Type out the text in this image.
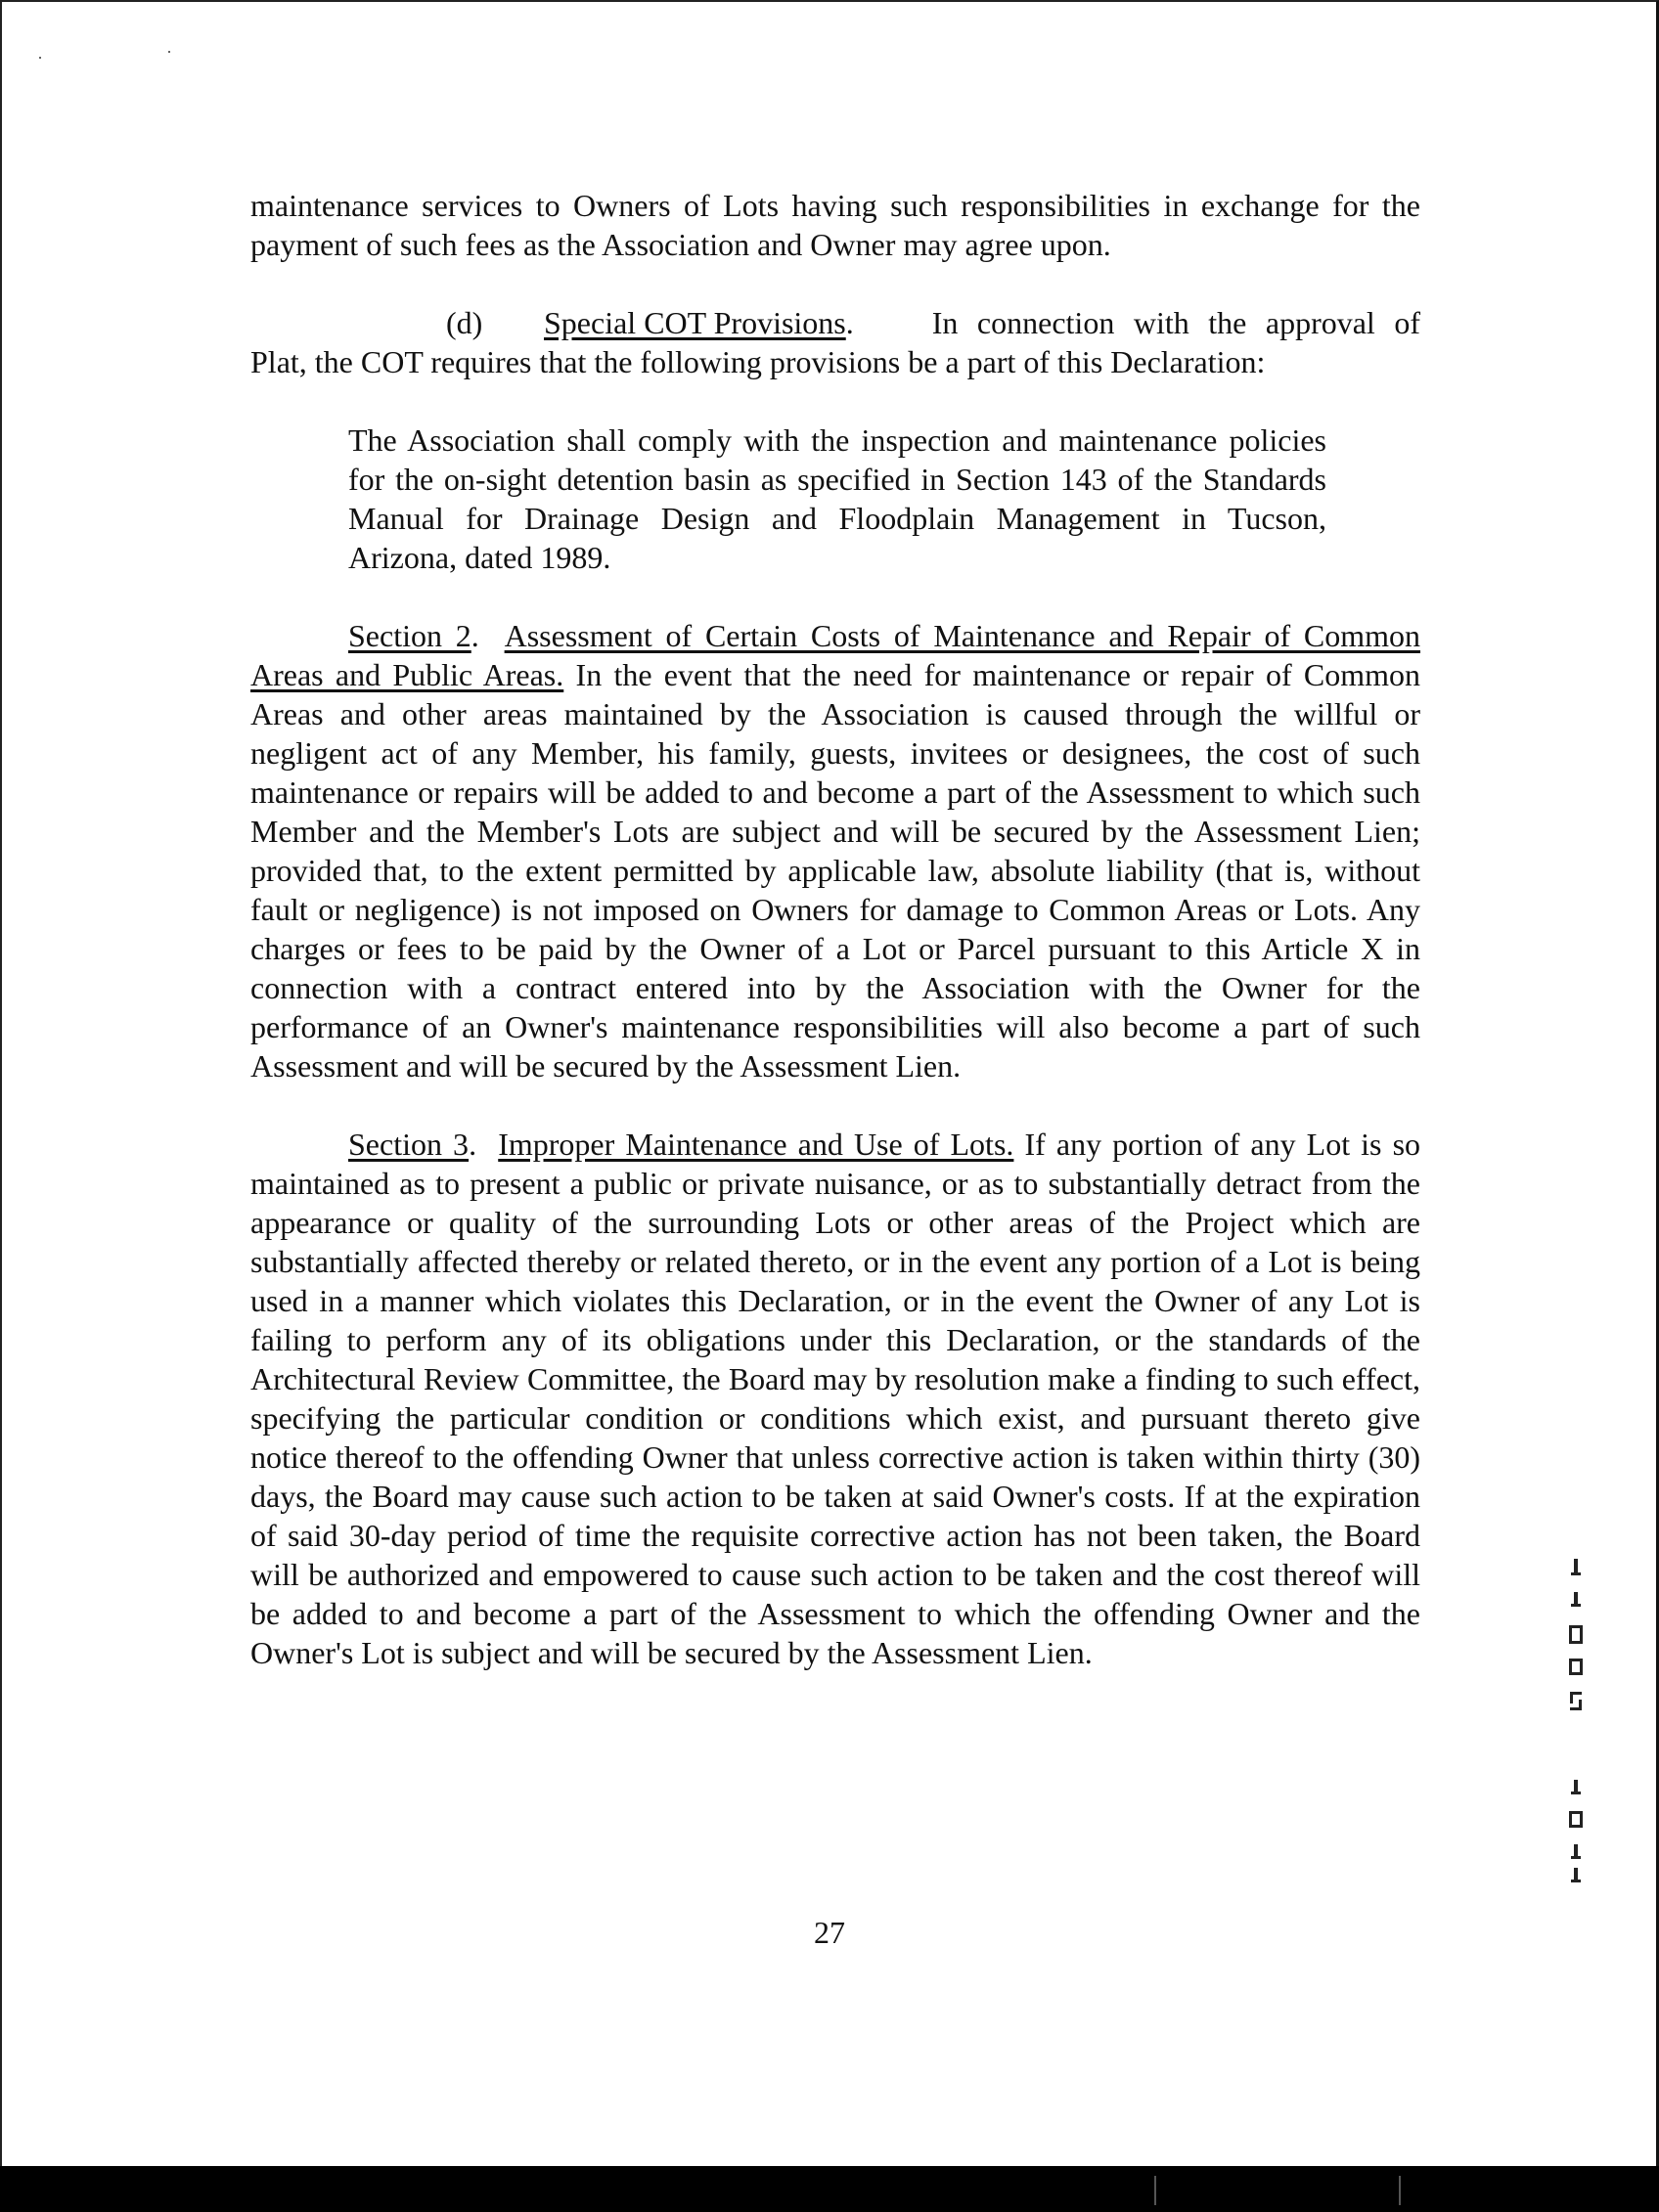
maintenance services to Owners of Lots having such responsibilities in exchange for the payment of such fees as the Association and Owner may agree upon.

(d) Special COT Provisions.	In connection with the approval of Plat, the COT requires that the following provisions be a part of this Declaration:

The Association shall comply with the inspection and maintenance policies for the on-sight detention basin as specified in Section 143 of the Standards Manual for Drainage Design and Floodplain Management in Tucson, Arizona, dated 1989.

Section 2. Assessment of Certain Costs of Maintenance and Repair of Common Areas and Public Areas. In the event that the need for maintenance or repair of Common Areas and other areas maintained by the Association is caused through the willful or negligent act of any Member, his family, guests, invitees or designees, the cost of such maintenance or repairs will be added to and become a part of the Assessment to which such Member and the Member's Lots are subject and will be secured by the Assessment Lien; provided that, to the extent permitted by applicable law, absolute liability (that is, without fault or negligence) is not imposed on Owners for damage to Common Areas or Lots. Any charges or fees to be paid by the Owner of a Lot or Parcel pursuant to this Article X in connection with a contract entered into by the Association with the Owner for the performance of an Owner's maintenance responsibilities will also become a part of such Assessment and will be secured by the Assessment Lien.

Section 3. Improper Maintenance and Use of Lots. If any portion of any Lot is so maintained as to present a public or private nuisance, or as to substantially detract from the appearance or quality of the surrounding Lots or other areas of the Project which are substantially affected thereby or related thereto, or in the event any portion of a Lot is being used in a manner which violates this Declaration, or in the event the Owner of any Lot is failing to perform any of its obligations under this Declaration, or the standards of the Architectural Review Committee, the Board may by resolution make a finding to such effect, specifying the particular condition or conditions which exist, and pursuant thereto give notice thereof to the offending Owner that unless corrective action is taken within thirty (30) days, the Board may cause such action to be taken at said Owner's costs. If at the expiration of said 30-day period of time the requisite corrective action has not been taken, the Board will be authorized and empowered to cause such action to be taken and the cost thereof will be added to and become a part of the Assessment to which the offending Owner and the Owner's Lot is subject and will be secured by the Assessment Lien.

27
